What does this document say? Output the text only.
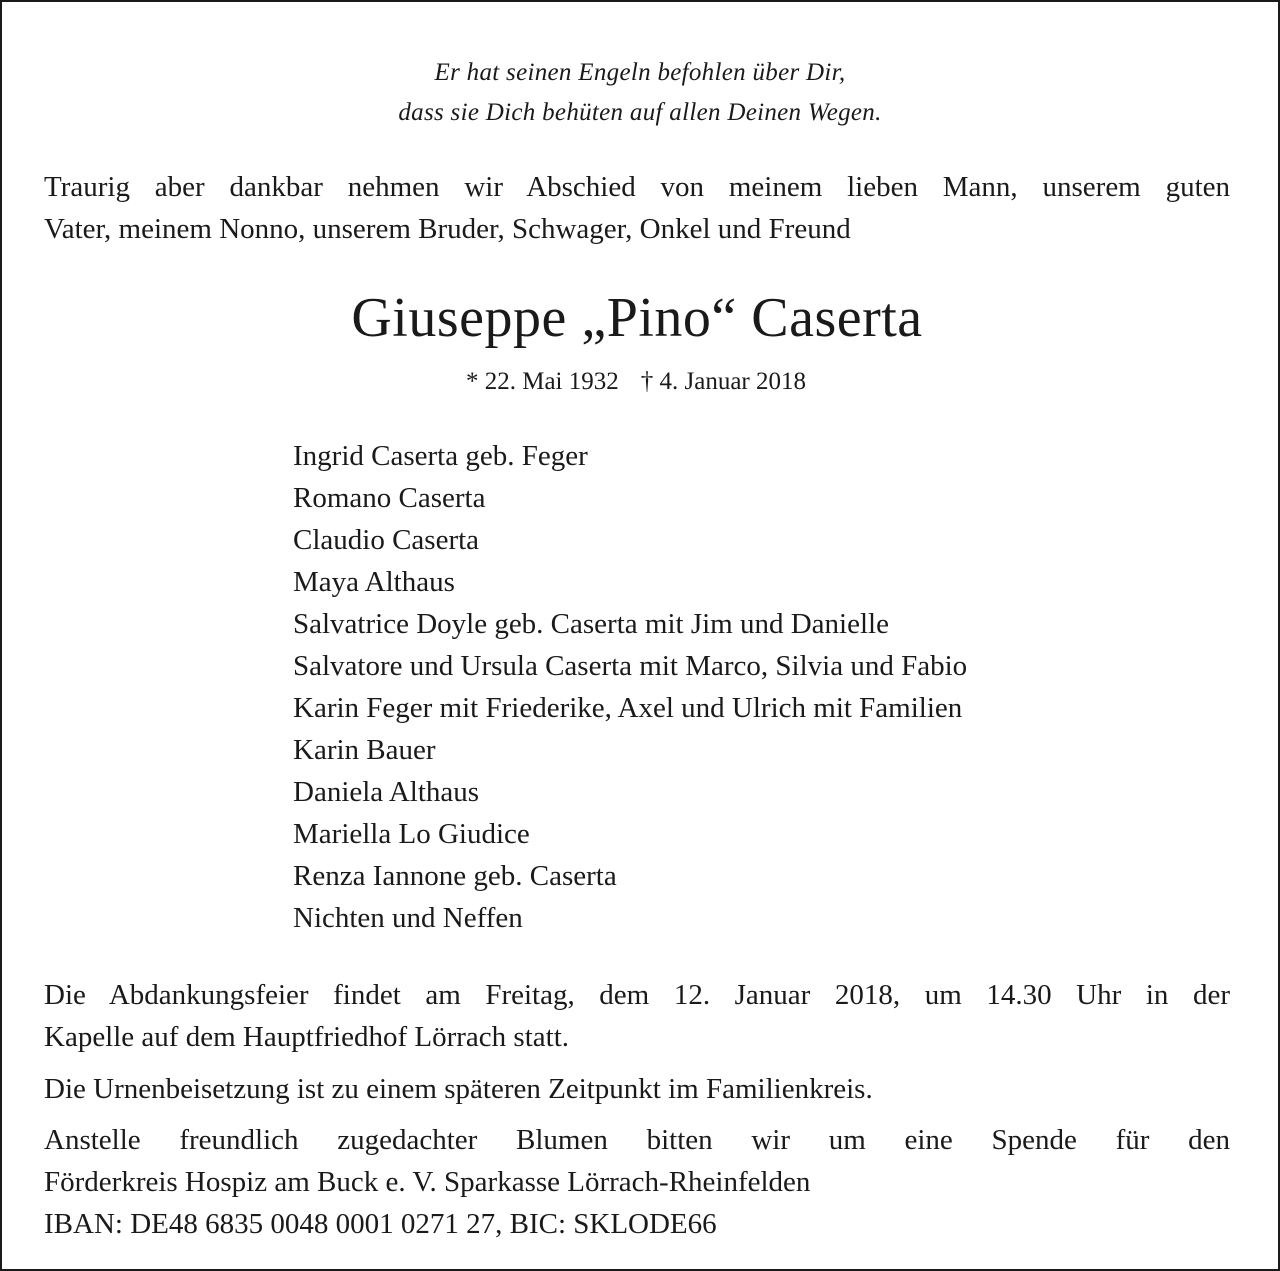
Er hat seinen Engeln befohlen über Dir,
dass sie Dich behüten auf allen Deinen Wegen.
Traurig aber dankbar nehmen wir Abschied von meinem lieben Mann, unserem guten
Vater, meinem Nonno, unserem Bruder, Schwager, Onkel und Freund
Giuseppe „Pino“ Caserta
* 22. Mai 1932 † 4. Januar 2018
Ingrid Caserta geb. Feger
Romano Caserta
Claudio Caserta
Maya Althaus
Salvatrice Doyle geb. Caserta mit Jim und Danielle
Salvatore und Ursula Caserta mit Marco, Silvia und Fabio
Karin Feger mit Friederike, Axel und Ulrich mit Familien
Karin Bauer
Daniela Althaus
Mariella Lo Giudice
Renza Iannone geb. Caserta
Nichten und Neffen
Die Abdankungsfeier findet am Freitag, dem 12. Januar 2018, um 14.30 Uhr in der
Kapelle auf dem Hauptfriedhof Lörrach statt.
Die Urnenbeisetzung ist zu einem späteren Zeitpunkt im Familienkreis.
Anstelle freundlich zugedachter Blumen bitten wir um eine Spende für den
Förderkreis Hospiz am Buck e. V. Sparkasse Lörrach-Rheinfelden
IBAN: DE48 6835 0048 0001 0271 27, BIC: SKLODE66
